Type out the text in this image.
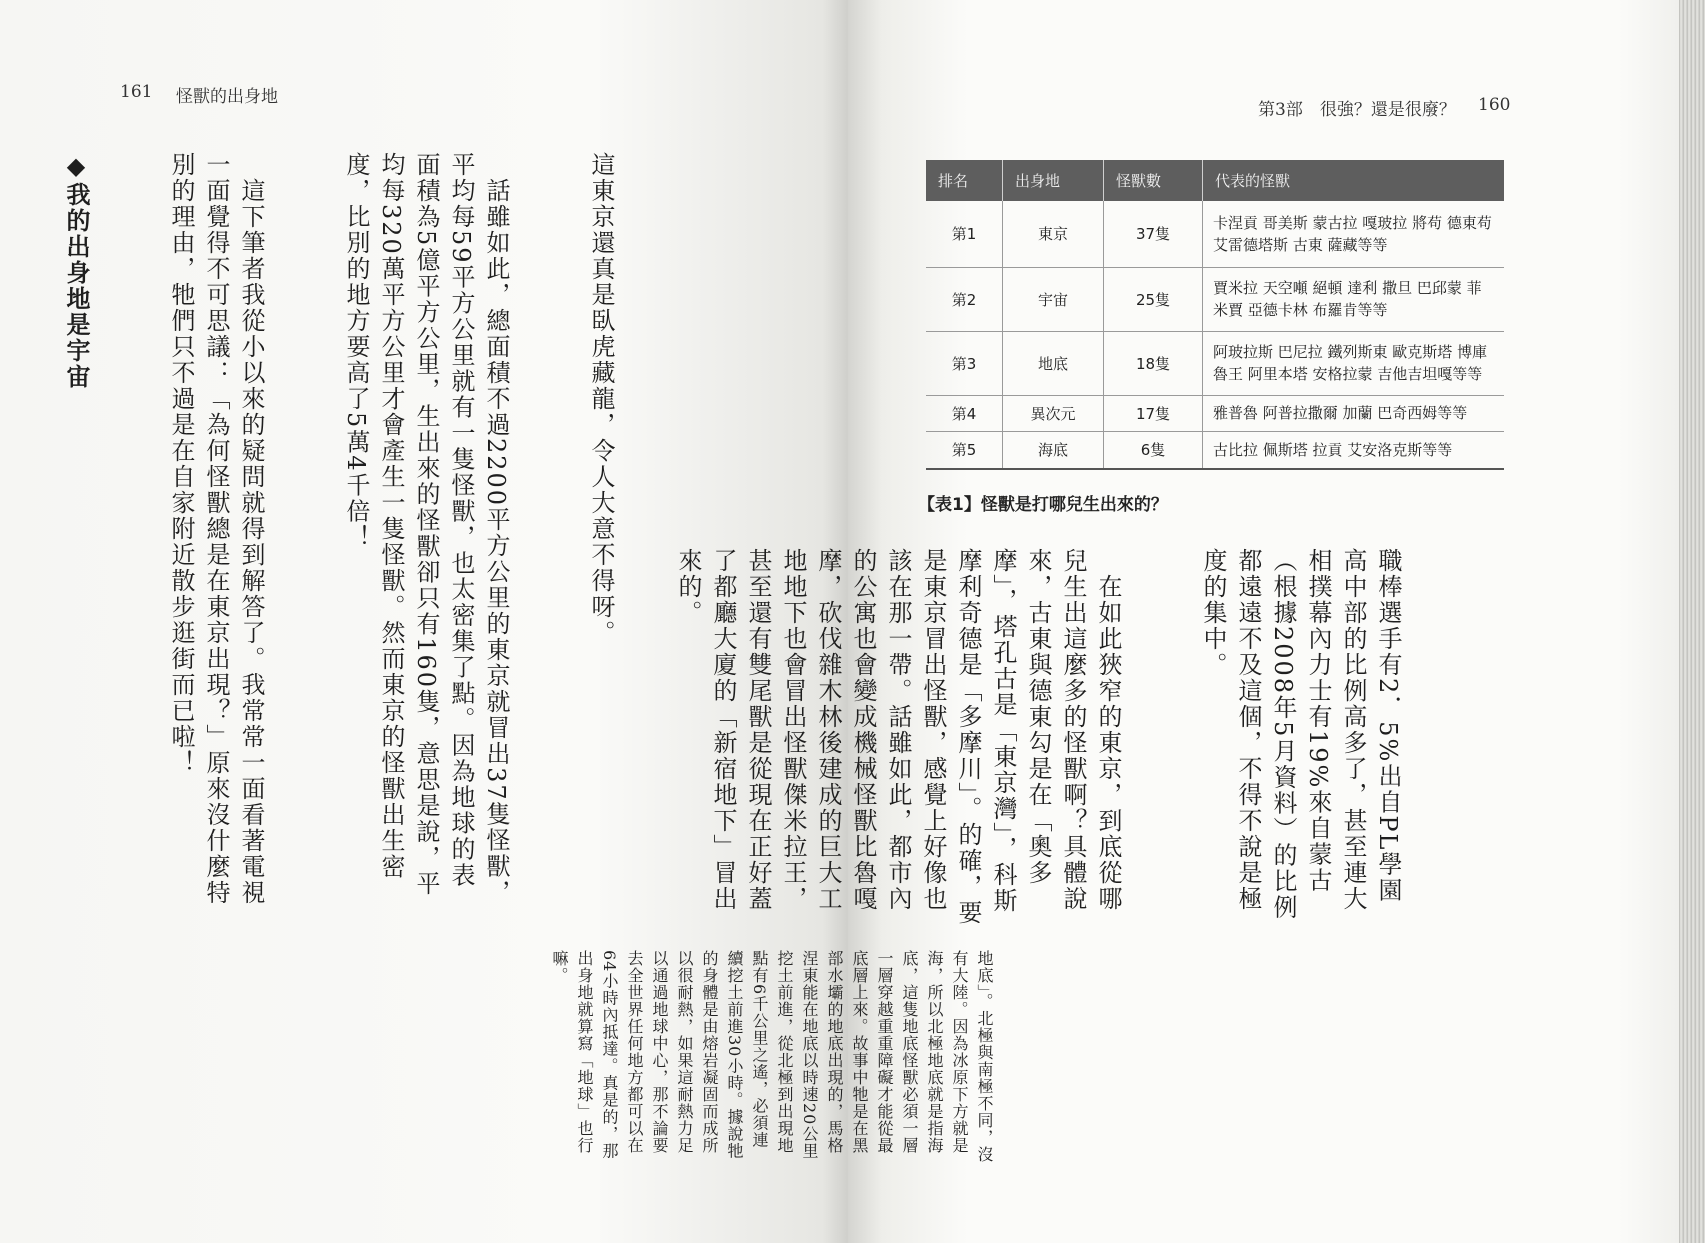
161 怪獸的出身地

這東京還真是臥虎藏龍，令人大意不得呀。

　話雖如此，總面積不過2200平方公里的東京就冒出37隻怪獸，平均每59平方公里就有一隻怪獸，也太密集了點。因為地球的表面積為5億平方公里，生出來的怪獸卻只有160隻，意思是說，平均每320萬平方公里才會產生一隻怪獸。然而東京的怪獸出生密度，比別的地方要高了5萬4千倍！

　這下筆者我從小以來的疑問就得到解答了。我常常一面看著電視一面覺得不可思議：「為何怪獸總是在東京出現？」原來沒什麼特別的理由，牠們只不過是在自家附近散步逛街而已啦！

◆我的出身地是宇宙

第3部　很強？還是很廢？ 160
排名	出身地	怪獸數	代表的怪獸
第1	東京	37隻	卡涅貢 哥美斯 蒙古拉 嘎玻拉 將苟 德東苟 艾雷德塔斯 古東 薩藏等等
第2	宇宙	25隻	賈米拉 天空噸 絕頓 達利 撒旦 巴邱蒙 菲米賈 亞德卡林 布羅肯等等
第3	地底	18隻	阿玻拉斯 巴尼拉 鐵列斯東 歐克斯塔 博庫魯王 阿里本塔 安格拉蒙 吉他吉坦嘎等等
第4	異次元	17隻	雅普魯 阿普拉撒爾 加蘭 巴奇西姆等等
第5	海底	6隻	古比拉 佩斯塔 拉貢 艾安洛克斯等等
【表1】怪獸是打哪兒生出來的？

職棒選手有2．5%出自PL學園高中部的比例高多了，甚至連大相撲幕內力士有19%來自蒙古（根據2008年5月資料）的比例都遠遠不及這個，不得不說是極度的集中。

　在如此狹窄的東京，到底從哪兒生出這麼多的怪獸啊？具體說來，古東與德東勾是在「奧多摩」，塔孔古是「東京灣」，科斯摩利奇德是「多摩川」。的確，要是東京冒出怪獸，感覺上好像也該在那一帶。話雖如此，都市內的公寓也會變成機械怪獸比魯嘎摩，砍伐雜木林後建成的巨大工地地下也會冒出怪獸傑米拉王，甚至還有雙尾獸是從現在正好蓋了都廳大廈的「新宿地下」冒出來的。

地底」。北極與南極不同，沒有大陸。因為冰原下方就是海，所以北極地底就是指海底，這隻地底怪獸必須一層一層穿越重重障礙才能從最底層上來。故事中牠是在黑部水壩的地底出現的，馬格涅東能在地底以時速20公里挖土前進，從北極到出現地點有6千公里之遙，必須連續挖土前進30小時。據說牠的身體是由熔岩凝固而成所以很耐熱，如果這耐熱力足以通過地球中心，那不論要去全世界任何地方都可以在64小時內抵達。真是的，那出身地就算寫「地球」也行嘛。
